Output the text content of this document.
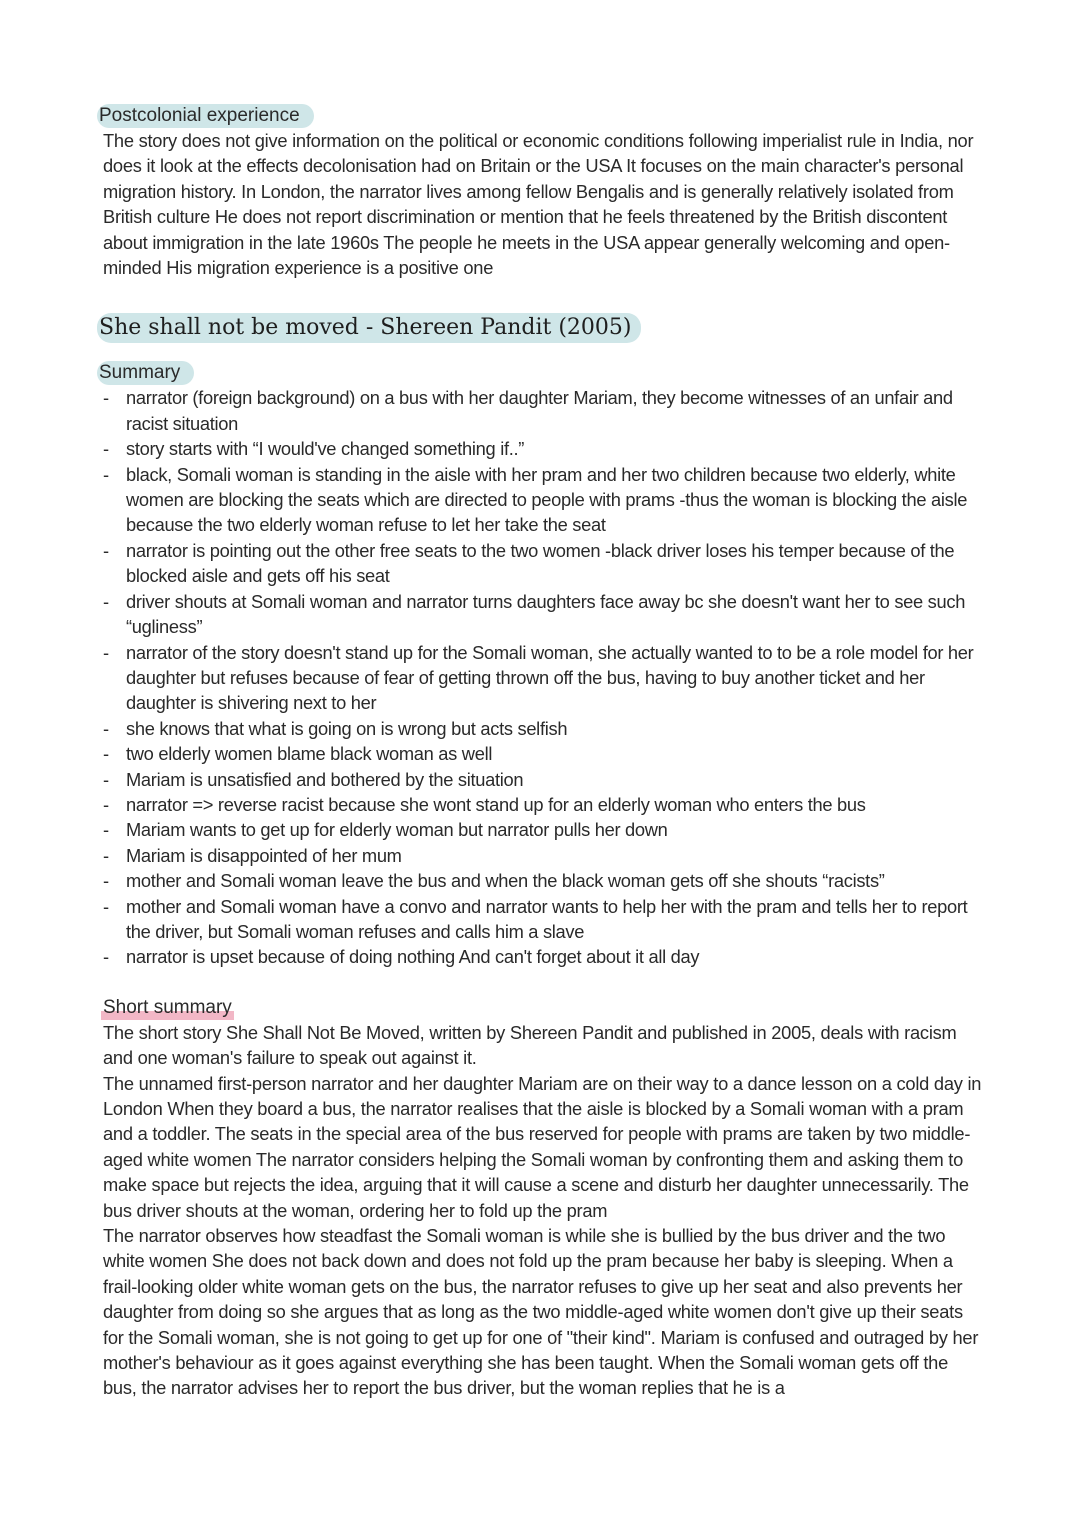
Postcolonial experience

The story does not give information on the political or economic conditions following imperialist rule in India, nor does it look at the effects decolonisation had on Britain or the USA It focuses on the main character's personal migration history. In London, the narrator lives among fellow Bengalis and is generally relatively isolated from British culture He does not report discrimination or mention that he feels threatened by the British discontent about immigration in the late 1960s The people he meets in the USA appear generally welcoming and open-minded His migration experience is a positive one

She shall not be moved - Shereen Pandit (2005)
Summary
- narrator (foreign background) on a bus with her daughter Mariam, they become witnesses of an unfair and racist situation
- story starts with “I would've changed something if..”
- black, Somali woman is standing in the aisle with her pram and her two children because two elderly, white women are blocking the seats which are directed to people with prams -thus the woman is blocking the aisle because the two elderly woman refuse to let her take the seat
- narrator is pointing out the other free seats to the two women -black driver loses his temper because of the blocked aisle and gets off his seat
- driver shouts at Somali woman and narrator turns daughters face away bc she doesn't want her to see such “ugliness”
- narrator of the story doesn't stand up for the Somali woman, she actually wanted to to be a role model for her daughter but refuses because of fear of getting thrown off the bus, having to buy another ticket and her daughter is shivering next to her
- she knows that what is going on is wrong but acts selfish
- two elderly women blame black woman as well
- Mariam is unsatisfied and bothered by the situation
- narrator => reverse racist because she wont stand up for an elderly woman who enters the bus
- Mariam wants to get up for elderly woman but narrator pulls her down
- Mariam is disappointed of her mum
- mother and Somali woman leave the bus and when the black woman gets off she shouts “racists”
- mother and Somali woman have a convo and narrator wants to help her with the pram and tells her to report the driver, but Somali woman refuses and calls him a slave
- narrator is upset because of doing nothing And can't forget about it all day
Short summary

The short story She Shall Not Be Moved, written by Shereen Pandit and published in 2005, deals with racism and one woman's failure to speak out against it.

The unnamed first-person narrator and her daughter Mariam are on their way to a dance lesson on a cold day in London When they board a bus, the narrator realises that the aisle is blocked by a Somali woman with a pram and a toddler. The seats in the special area of the bus reserved for people with prams are taken by two middle-aged white women The narrator considers helping the Somali woman by confronting them and asking them to make space but rejects the idea, arguing that it will cause a scene and disturb her daughter unnecessarily. The bus driver shouts at the woman, ordering her to fold up the pram

The narrator observes how steadfast the Somali woman is while she is bullied by the bus driver and the two white women She does not back down and does not fold up the pram because her baby is sleeping. When a frail-looking older white woman gets on the bus, the narrator refuses to give up her seat and also prevents her daughter from doing so she argues that as long as the two middle-aged white women don't give up their seats for the Somali woman, she is not going to get up for one of "their kind". Mariam is confused and outraged by her mother's behaviour as it goes against everything she has been taught. When the Somali woman gets off the bus, the narrator advises her to report the bus driver, but the woman replies that he is a
